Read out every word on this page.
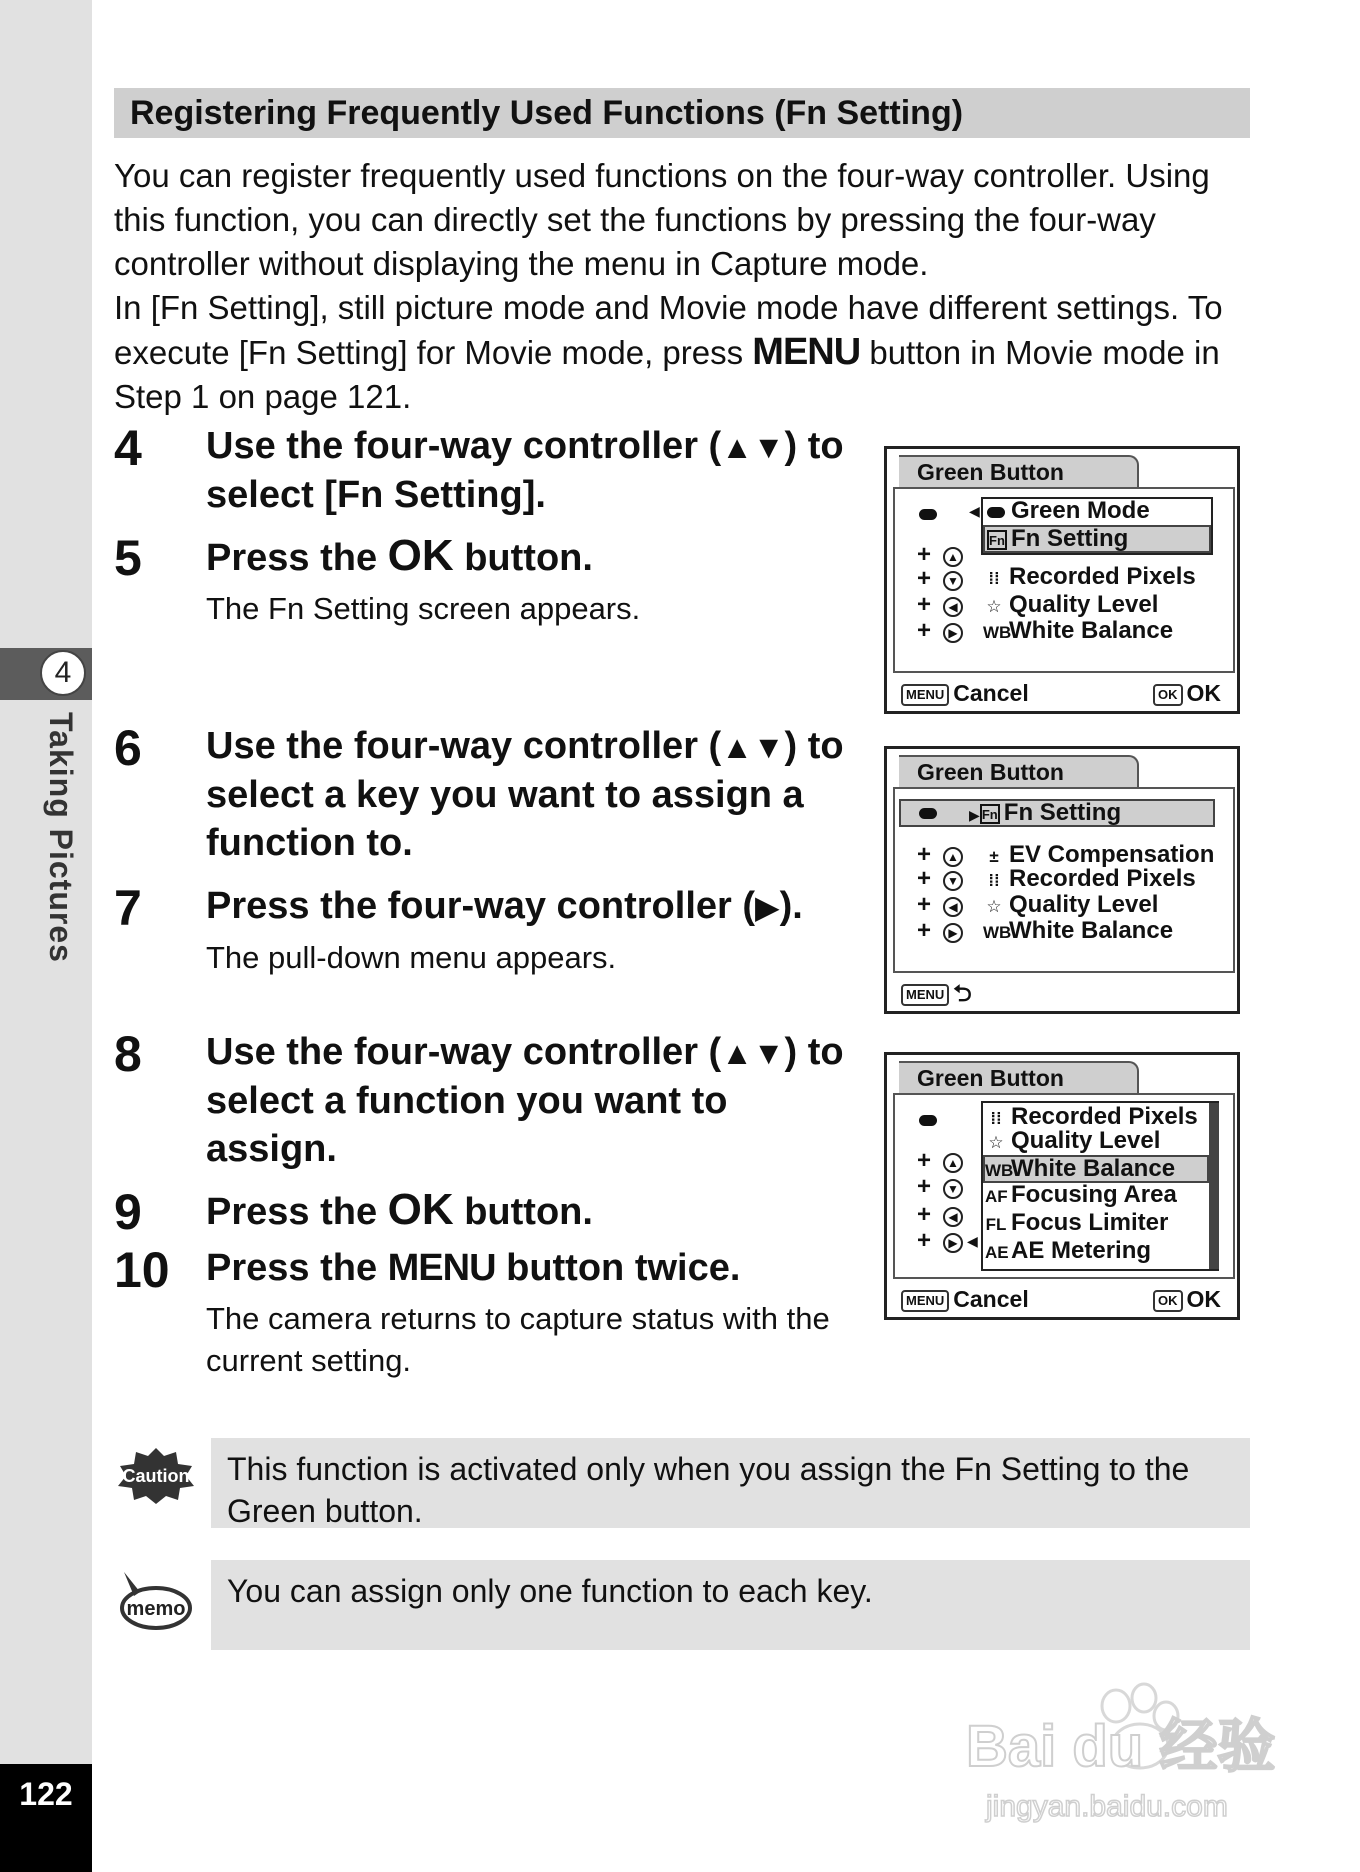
4
Taking Pictures
122
Registering Frequently Used Functions (Fn Setting)

You can register frequently used functions on the four-way controller. Using this function, you can directly set the functions by pressing the four-way controller without displaying the menu in Capture mode.

In [Fn Setting], still picture mode and Movie mode have different settings. To execute [Fn Setting] for Movie mode, press MENU button in Movie mode in Step 1 on page 121.

4 Use the four-way controller (▲▼) to select [Fn Setting].
5 Press the OK button.
The Fn Setting screen appears.
6 Use the four-way controller (▲▼) to select a key you want to assign a function to.
7 Press the four-way controller (▶).
The pull-down menu appears.
8 Use the four-way controller (▲▼) to select a function you want to assign.
9 Press the OK button.
10 Press the MENU button twice.
The camera returns to capture status with the current setting.
Green Button
◀	Green Mode
Fn Fn Setting
+	▲
⁞⁞ Recorded Pixels
+	▼
☆ Quality Level
+	◀
WBWhite Balance
+	▶
MENU Cancel	OK OK
Green Button
▶ Fn Fn Setting
+	▲	± EV Compensation
+	▼	⁞⁞ Recorded Pixels
+	◀	☆ Quality Level
+	▶	WBWhite Balance
MENU ⮌
Green Button
+	▲
+	▼
+	◀
+	▶ ◀
⁞⁞ Recorded Pixels
☆ Quality Level
WBWhite Balance
AF Focusing Area
FL Focus Limiter
AEAE Metering
MENU Cancel	OK OK
Caution	This function is activated only when you assign the Fn Setting to the Green button.
memo	You can assign only one function to each key.
Bai du 经验
jingyan.baidu.com
